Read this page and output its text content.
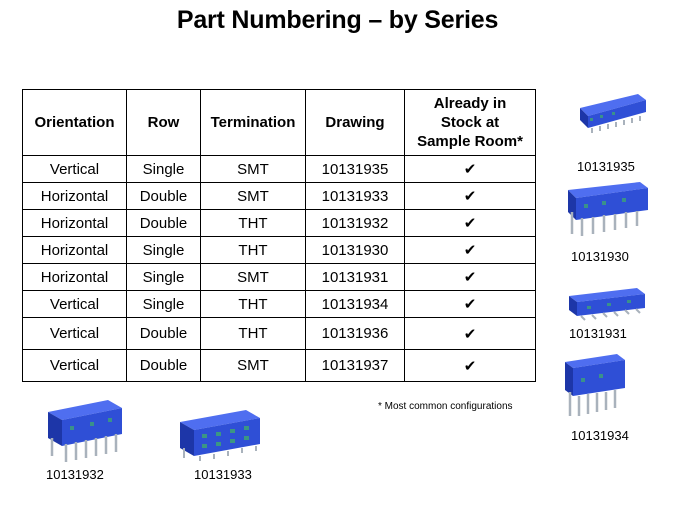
Part Numbering – by Series
Orientation	Row	Termination	Drawing	Already in Stock at Sample Room*
Vertical	Single	SMT	10131935	✔
Horizontal	Double	SMT	10131933	✔
Horizontal	Double	THT	10131932	✔
Horizontal	Single	THT	10131930	✔
Horizontal	Single	SMT	10131931	✔
Vertical	Single	THT	10131934	✔
Vertical	Double	THT	10131936	✔
Vertical	Double	SMT	10131937	✔
* Most common configurations
10131935
10131930
10131931
10131934
10131932	10131933
